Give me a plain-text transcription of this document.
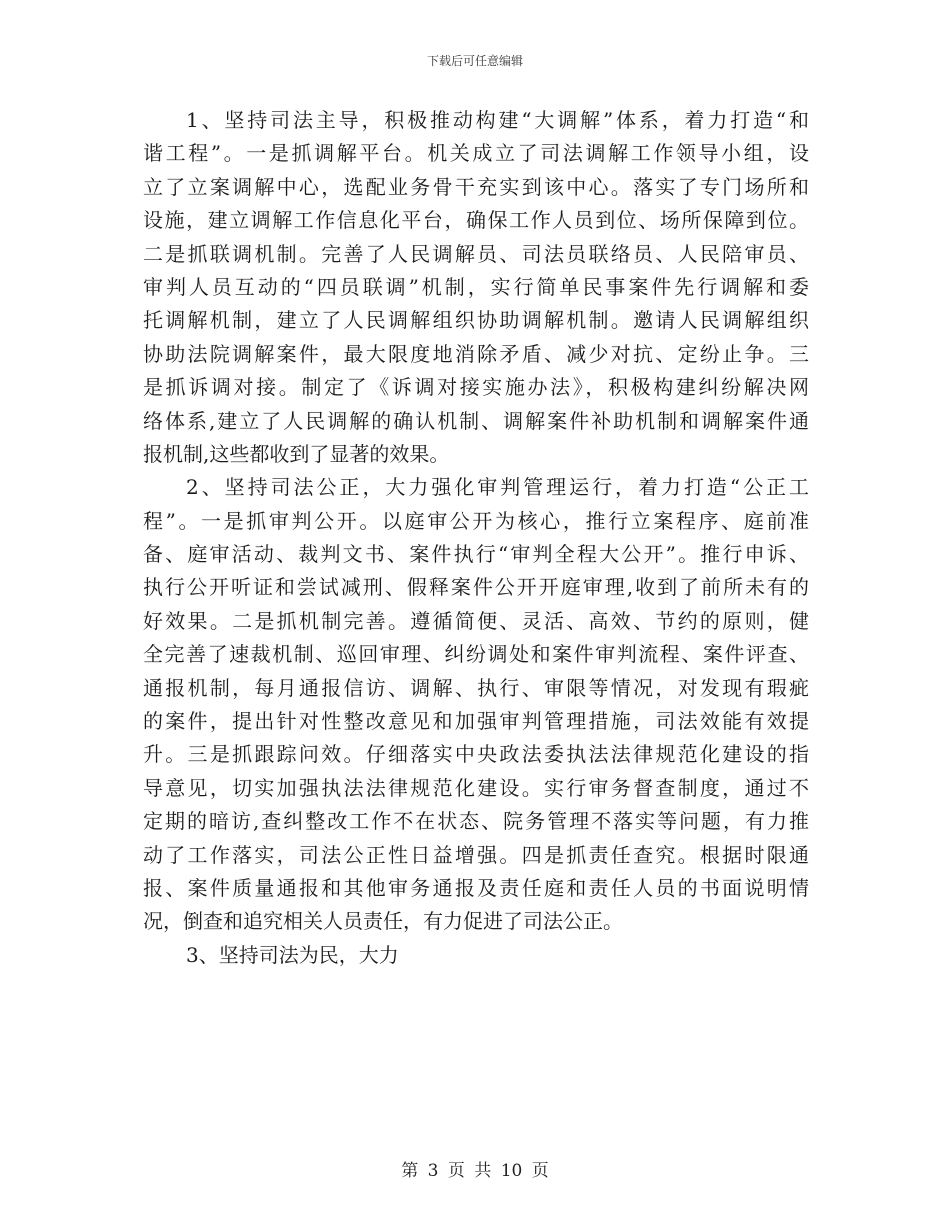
下载后可任意编辑
1、坚持司法主导，积极推动构建“大调解”体系，着力打造“和
谐工程”。一是抓调解平台。机关成立了司法调解工作领导小组，设
立了立案调解中心，选配业务骨干充实到该中心。落实了专门场所和
设施，建立调解工作信息化平台，确保工作人员到位、场所保障到位。
二是抓联调机制。完善了人民调解员、司法员联络员、人民陪审员、
审判人员互动的“四员联调”机制，实行简单民事案件先行调解和委
托调解机制，建立了人民调解组织协助调解机制。邀请人民调解组织
协助法院调解案件，最大限度地消除矛盾、减少对抗、定纷止争。三
是抓诉调对接。制定了《诉调对接实施办法》，积极构建纠纷解决网
络体系,建立了人民调解的确认机制、调解案件补助机制和调解案件通
报机制,这些都收到了显著的效果。
2、坚持司法公正，大力强化审判管理运行，着力打造“公正工
程”。一是抓审判公开。以庭审公开为核心，推行立案程序、庭前准
备、庭审活动、裁判文书、案件执行“审判全程大公开”。推行申诉、
执行公开听证和尝试减刑、假释案件公开开庭审理,收到了前所未有的
好效果。二是抓机制完善。遵循简便、灵活、高效、节约的原则，健
全完善了速裁机制、巡回审理、纠纷调处和案件审判流程、案件评查、
通报机制，每月通报信访、调解、执行、审限等情况，对发现有瑕疵
的案件，提出针对性整改意见和加强审判管理措施，司法效能有效提
升。三是抓跟踪问效。仔细落实中央政法委执法法律规范化建设的指
导意见，切实加强执法法律规范化建设。实行审务督查制度，通过不
定期的暗访,查纠整改工作不在状态、院务管理不落实等问题，有力推
动了工作落实，司法公正性日益增强。四是抓责任查究。根据时限通
报、案件质量通报和其他审务通报及责任庭和责任人员的书面说明情
况，倒查和追究相关人员责任，有力促进了司法公正。
3、坚持司法为民，大力
第 3 页 共 10 页
